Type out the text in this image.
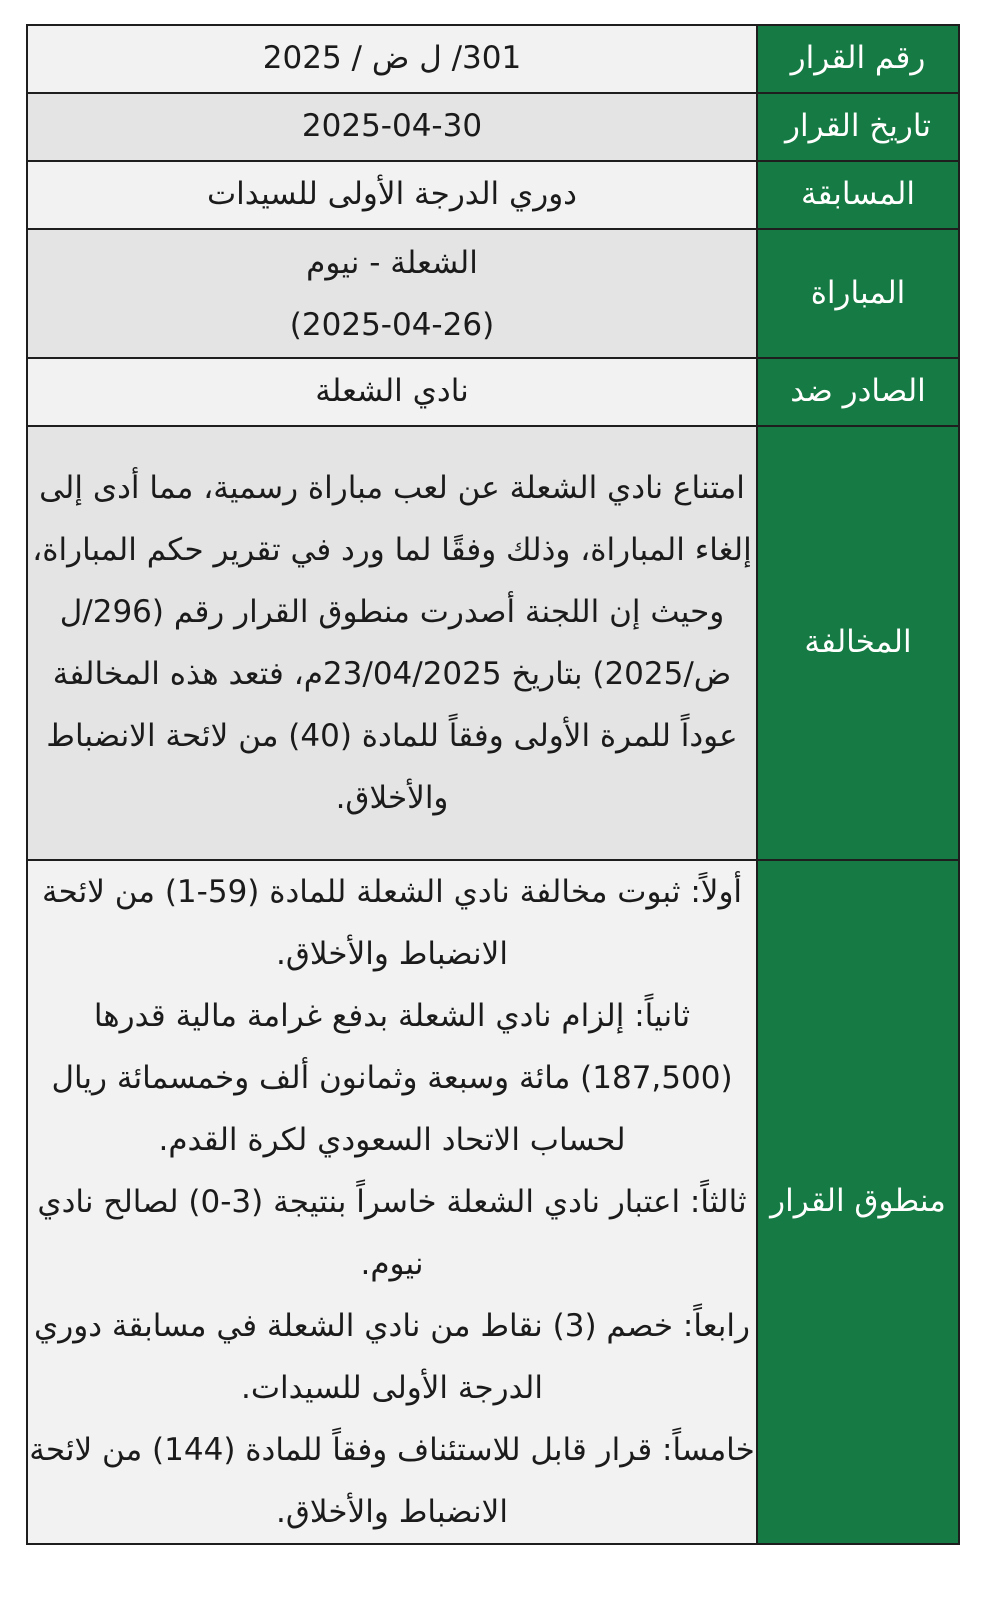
رقم القرار	301/ ل ض / 2025
تاريخ القرار	2025-04-30
المسابقة	دوري الدرجة الأولى للسيدات
المباراة	الشعلة - نيوم
(2025-04-26)

الصادر ضد	نادي الشعلة
المخالفة	امتناع نادي الشعلة عن لعب مباراة رسمية، مما أدى إلى إلغاء المباراة، وذلك وفقًا لما ورد في تقرير حكم المباراة، وحيث إن اللجنة أصدرت منطوق القرار رقم (296/ل ض/2025) بتاريخ 23/04/2025م، فتعد هذه المخالفة عوداً للمرة الأولى وفقاً للمادة (40) من لائحة الانضباط والأخلاق.
منطوق القرار	أولاً: ثبوت مخالفة نادي الشعلة للمادة (59-1) من لائحة الانضباط والأخلاق.
ثانياً: إلزام نادي الشعلة بدفع غرامة مالية قدرها (187,500) مائة وسبعة وثمانون ألف وخمسمائة ريال لحساب الاتحاد السعودي لكرة القدم.
ثالثاً: اعتبار نادي الشعلة خاسراً بنتيجة (3-0) لصالح نادي نيوم.
رابعاً: خصم (3) نقاط من نادي الشعلة في مسابقة دوري الدرجة الأولى للسيدات.
خامساً: قرار قابل للاستئناف وفقاً للمادة (144) من لائحة الانضباط والأخلاق.
